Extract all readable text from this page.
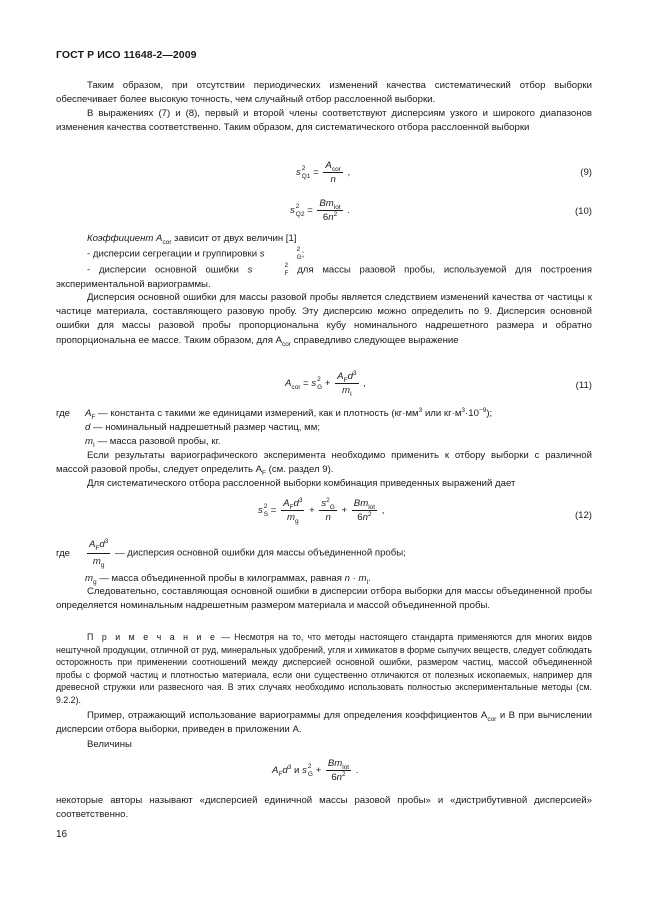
ГОСТ Р ИСО 11648-2—2009
Таким образом, при отсутствии периодических изменений качества систематический отбор выборки обеспечивает более высокую точность, чем случайный отбор расслоенной выборки.
В выражениях (7) и (8), первый и второй члены соответствуют дисперсиям узкого и широкого диапазонов изменения качества соответственно. Таким образом, для систематического отбора расслоенной выборки
s 2
$Q1 = \frac{A_{cor}}{n}$ ,	(9)
s 2
$Q2 = \frac{Bm_{lot}}{6n^2}$ .	(10)
Коэффициент $A_{cor}$ зависит от двух величин [1]
- дисперсии сегрегации и группировки s	2
G ;
- дисперсии основной ошибки s	2
F для массы разовой пробы, используемой для построения экспериментальной вариограммы.
Дисперсия основной ошибки для массы разовой пробы является следствием изменений качества от частицы к частице материала, составляющего разовую пробу. Эту дисперсию можно определить по 9. Дисперсия основной ошибки для массы разовой пробы пропорциональна кубу номинального надрешетного размера и обратно пропорциональна ее массе. Таким образом, для $A_{cor}$ справедливо следующее выражение
$A_{cor} = s$ 2
$G + \frac{A_Fd^3}{m_I}$ ,	(11)
где $A_F$ — константа с такими же единицами измерений, как и плотность ($кг\cdot мм^3$ или $кг\cdot м^3\cdot 10^{-9}$);
d — номинальный надрешетный размер частиц, мм;
$m_I$ — масса разовой пробы, кг.
Если результаты вариографического эксперимента необходимо применить к отбору выборки с различной массой разовой пробы, следует определить $A_F$ (см. раздел 9).
Для систематического отбора расслоенной выборки комбинация приведенных выражений дает
s 2
$S = \frac{A_Fd^3}{m_g} + \frac{s^2_G}{n} + \frac{Bm_{lot}}{6n^2}$ ,	(12)
где $\frac{A_Fd^3}{m_g}$ — дисперсия основной ошибки для массы объединенной пробы;
$m_g$ — масса объединенной пробы в килограммах, равная $n \cdot m_I$.
Следовательно, составляющая основной ошибки в дисперсии отбора выборки для массы объединенной пробы определяется номинальным надрешетным размером материала и массой объединенной пробы.
П р и м е ч а н и е — Несмотря на то, что методы настоящего стандарта применяются для многих видов нештучной продукции, отличной от руд, минеральных удобрений, угля и химикатов в форме сыпучих веществ, следует соблюдать осторожность при применении соотношений между дисперсией основной ошибки, размером частиц, массой объединенной пробы с формой частиц и плотностью материала, если они существенно отличаются от полезных ископаемых, например для древесной стружки или развесного чая. В этих случаях необходимо использовать полностью экспериментальные методы (см. 9.2.2).
Пример, отражающий использование вариограммы для определения коэффициентов $A_{cor}$ и B при вычислении дисперсии отбора выборки, приведен в приложении А.
Величины
$A_Fd^3$ и s 2
$G + \frac{Bm_{lot}}{6n^2}$ .
некоторые авторы называют «дисперсией единичной массы разовой пробы» и «дистрибутивной дисперсией» соответственно.
16
